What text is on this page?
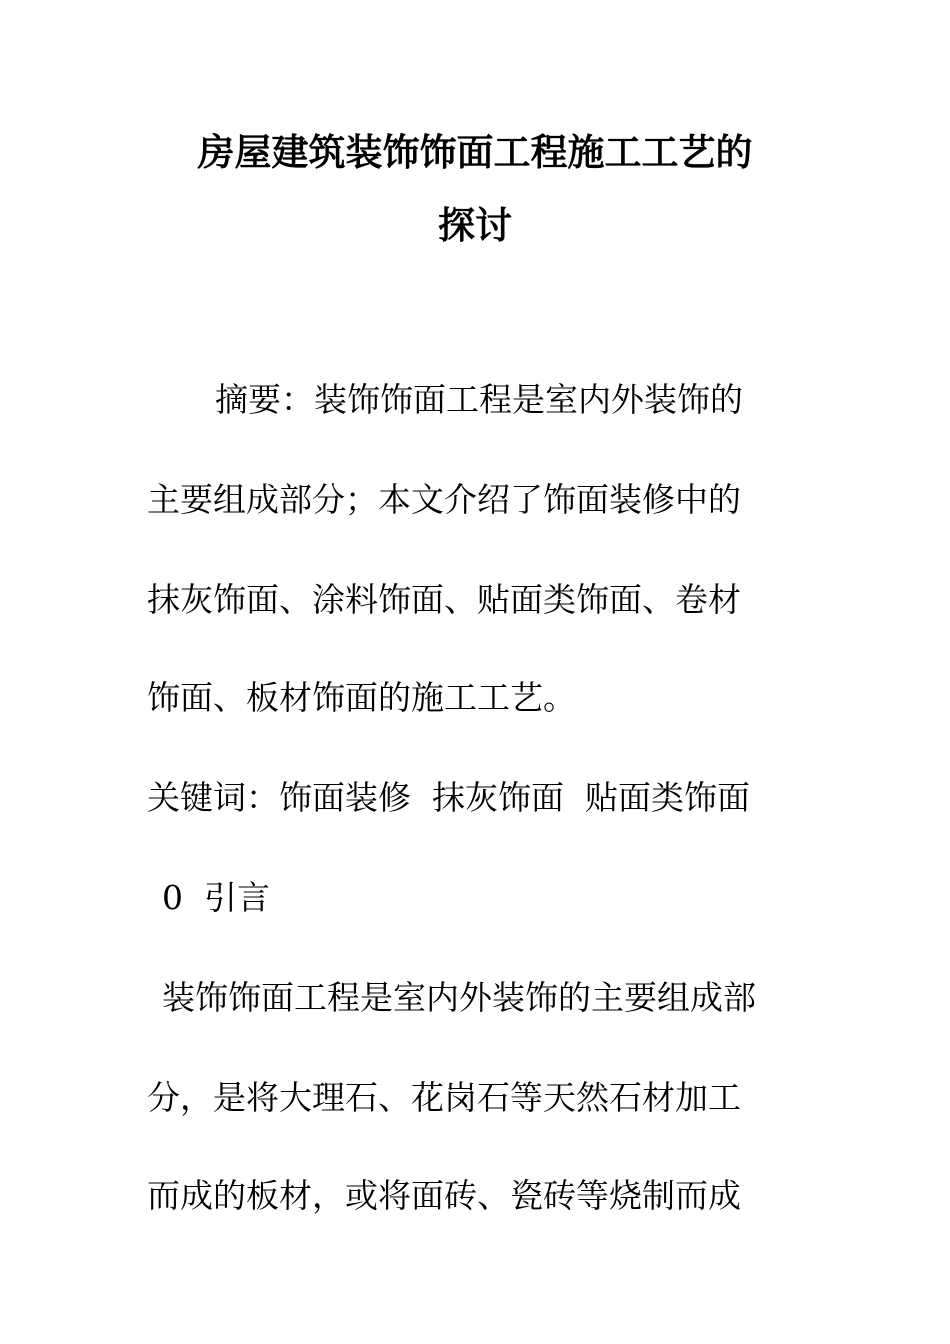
房屋建筑装饰饰面工程施工工艺的
探讨
摘要：装饰饰面工程是室内外装饰的
主要组成部分；本文介绍了饰面装修中的
抹灰饰面、涂料饰面、贴面类饰面、卷材
饰面、板材饰面的施工工艺。
关键词：饰面装修  抹灰饰面  贴面类饰面
0  引言
装饰饰面工程是室内外装饰的主要组成部
分，是将大理石、花岗石等天然石材加工
而成的板材，或将面砖、瓷砖等烧制而成
